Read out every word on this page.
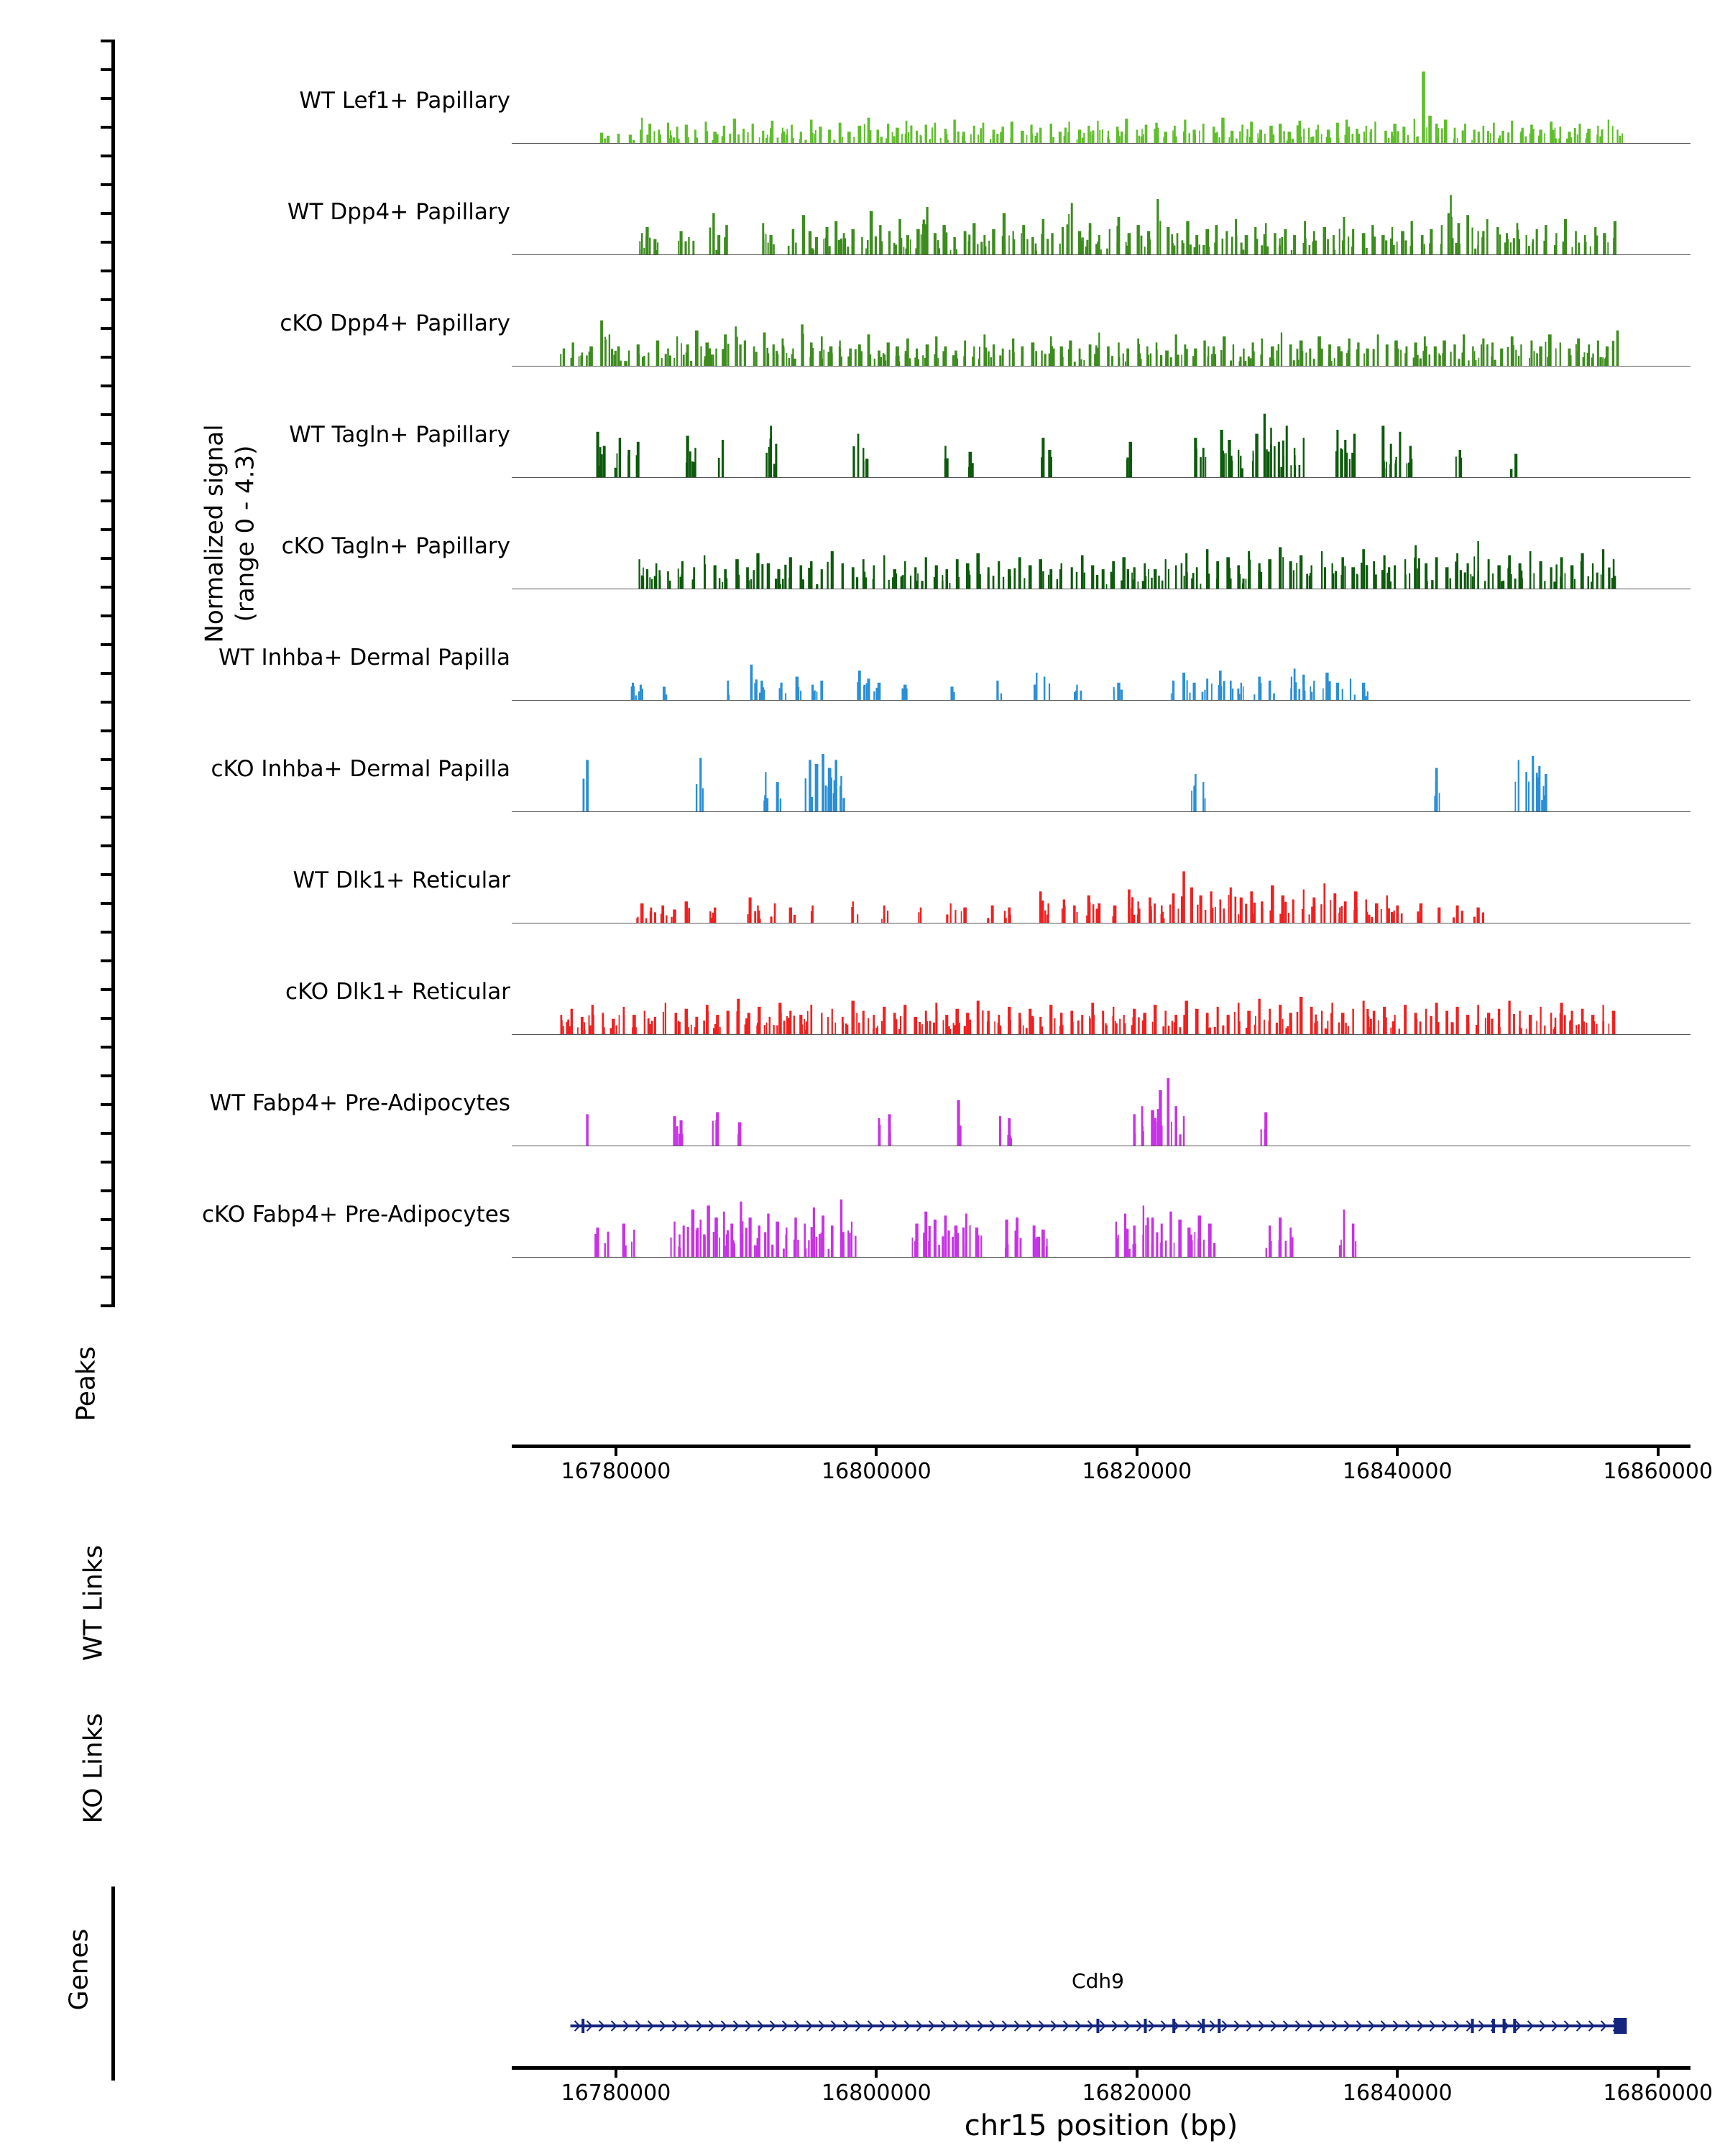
Normalized signal
(range 0 - 4.3)
WT Lef1+ Papillary
WT Dpp4+ Papillary
cKO Dpp4+ Papillary
WT Tagln+ Papillary
cKO Tagln+ Papillary
WT Inhba+ Dermal Papilla
cKO Inhba+ Dermal Papilla
WT Dlk1+ Reticular
cKO Dlk1+ Reticular
WT Fabp4+ Pre-Adipocytes
cKO Fabp4+ Pre-Adipocytes
Peaks
16780000	16800000	16820000	16840000	16860000
WT Links
KO Links
Genes	Cdh9
16780000	16800000	16820000	16840000	16860000
chr15 position (bp)
